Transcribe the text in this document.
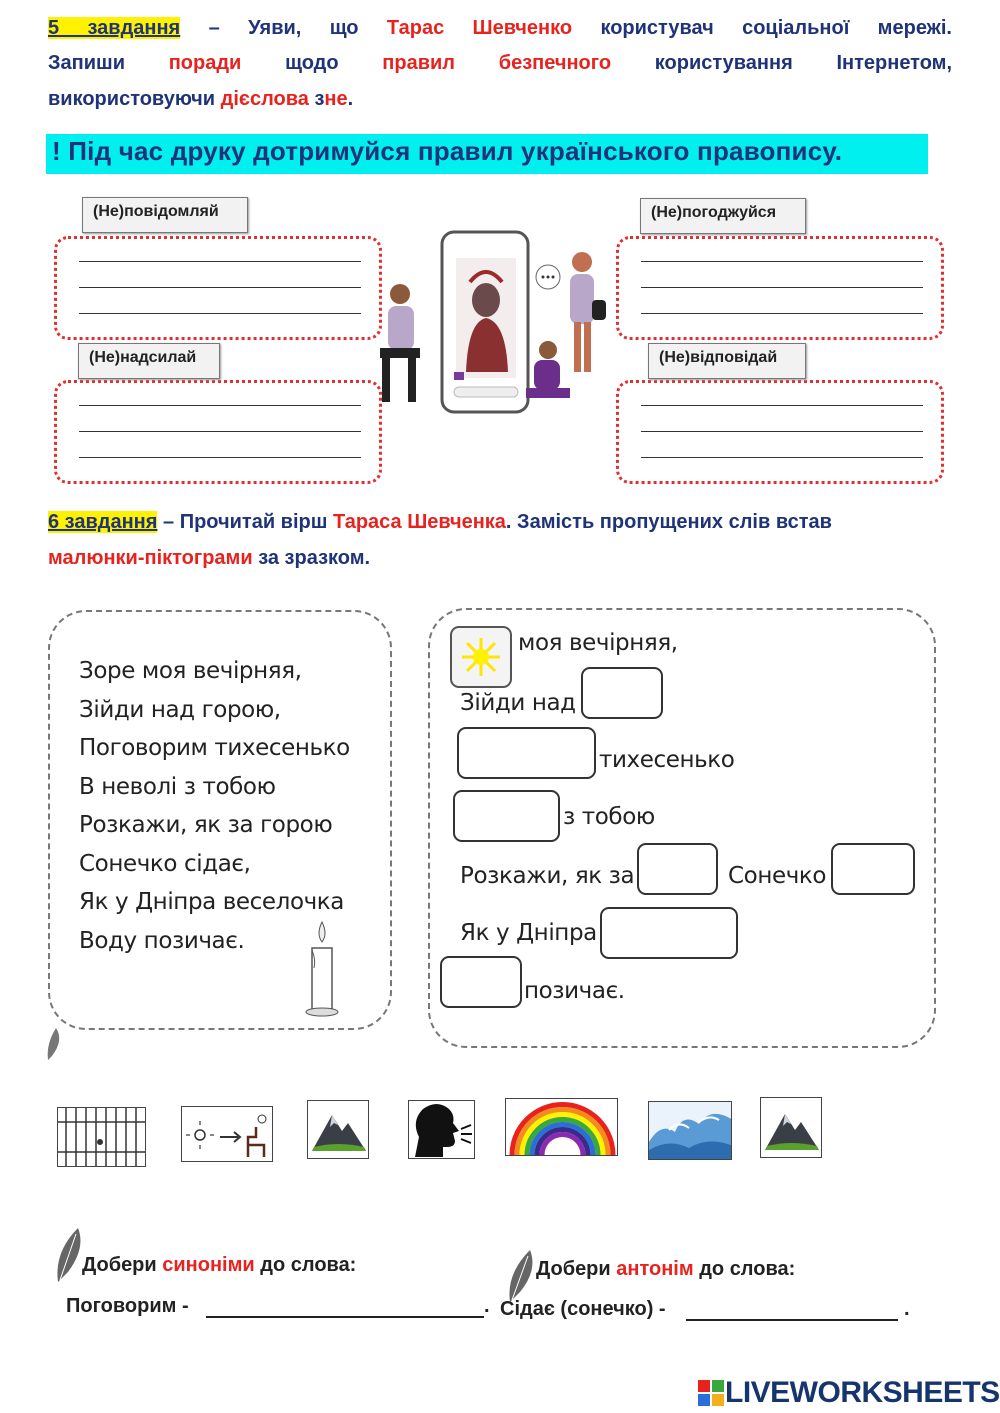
5 завдання – Уяви, що Тарас Шевченко користувач соціальної мережі.
Запиши поради щодо правил безпечного користування Інтернетом,
використовуючи дієслова зне.
! Під час друку дотримуйся правил українського правопису.
(Не)повідомляй	(Не)погоджуйся
(Не)надсилай	(Не)відповідай
6 завдання – Прочитай вірш Тараса Шевченка. Замість пропущених слів встав
малюнки-піктограми за зразком.
Зоре моя вечірняя,
Зійди над горою,
Поговорим тихесенько
В неволі з тобою
Розкажи, як за горою
Сонечко сідає,
Як у Дніпра веселочка
Воду позичає.
моя вечірняя,
Зійди над
тихесенько
з тобою
Розкажи, як за	Сонечко
Як у Дніпра
позичає.
Добери синоніми до слова:
Поговорим -	.
Добери антонім до слова:
Сідає (сонечко) -	.
LIVEWORKSHEETS
